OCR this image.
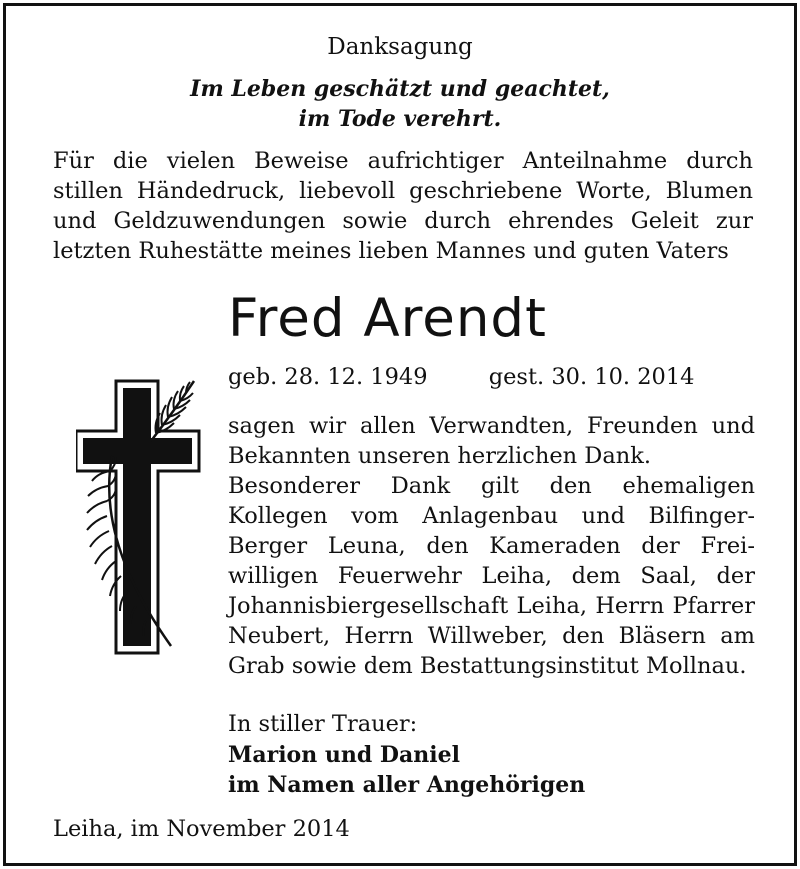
Danksagung
Im Leben geschätzt und geachtet,
im Tode verehrt.

Für die vielen Beweise aufrichtiger Anteilnahme durch

stillen Händedruck, liebevoll geschriebene Worte, Blumen

und Geldzuwendungen sowie durch ehrendes Geleit zur

letzten Ruhestätte meines lieben Mannes und guten Vaters

Fred Arendt
geb. 28. 12. 1949	gest. 30. 10. 2014

sagen wir allen Verwandten, Freunden und

Bekannten unseren herzlichen Dank.

Besonderer Dank gilt den ehemaligen

Kollegen vom Anlagenbau und Bilfinger-

Berger Leuna, den Kameraden der Frei-

willigen Feuerwehr Leiha, dem Saal, der

Johannisbiergesellschaft Leiha, Herrn Pfarrer

Neubert, Herrn Willweber, den Bläsern am

Grab sowie dem Bestattungsinstitut Mollnau.

In stiller Trauer:
Marion und Daniel
im Namen aller Angehörigen
Leiha, im November 2014
